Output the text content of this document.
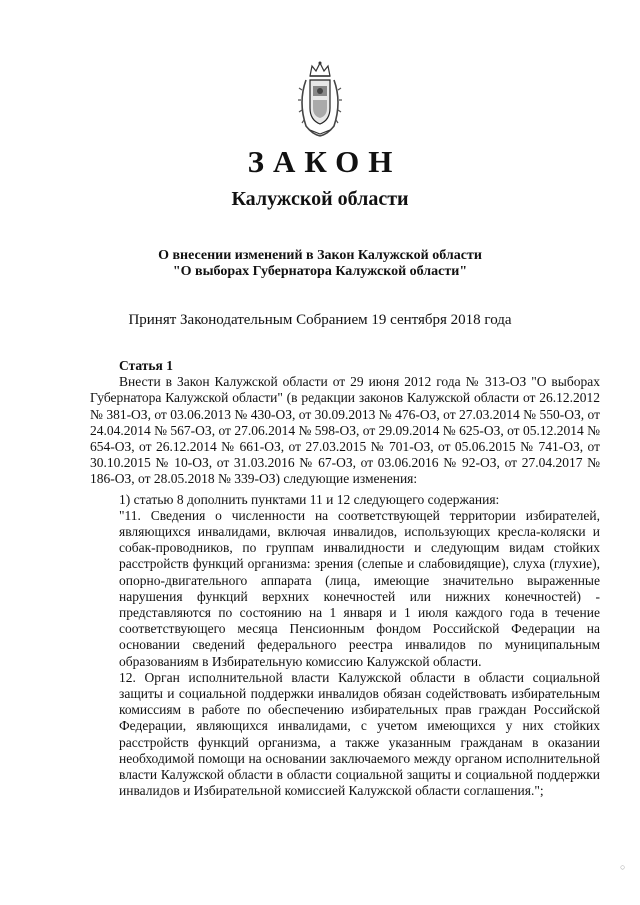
ЗАКОН
Калужской области
О внесении изменений в Закон Калужской области
"О выборах Губернатора Калужской области"
Принят Законодательным Собранием 19 сентября 2018 года

Статья 1

Внести в Закон Калужской области от 29 июня 2012 года № 313-ОЗ "О выборах Губернатора Калужской области" (в редакции законов Калужской области от 26.12.2012 № 381-ОЗ, от 03.06.2013 № 430-ОЗ, от 30.09.2013 № 476-ОЗ, от 27.03.2014 № 550-ОЗ, от 24.04.2014 № 567-ОЗ, от 27.06.2014 № 598-ОЗ, от 29.09.2014 № 625-ОЗ, от 05.12.2014 № 654-ОЗ, от 26.12.2014 № 661-ОЗ, от 27.03.2015 № 701-ОЗ, от 05.06.2015 № 741-ОЗ, от 30.10.2015 № 10-ОЗ, от 31.03.2016 № 67-ОЗ, от 03.06.2016 № 92-ОЗ, от 27.04.2017 № 186-ОЗ, от 28.05.2018 № 339-ОЗ) следующие изменения:

1) статью 8 дополнить пунктами 11 и 12 следующего содержания:

"11. Сведения о численности на соответствующей территории избирателей, являющихся инвалидами, включая инвалидов, использующих кресла-коляски и собак-проводников, по группам инвалидности и следующим видам стойких расстройств функций организма: зрения (слепые и слабовидящие), слуха (глухие), опорно-двигательного аппарата (лица, имеющие значительно выраженные нарушения функций верхних конечностей или нижних конечностей) - представляются по состоянию на 1 января и 1 июля каждого года в течение соответствующего месяца Пенсионным фондом Российской Федерации на основании сведений федерального реестра инвалидов по муниципальным образованиям в Избирательную комиссию Калужской области.

12. Орган исполнительной власти Калужской области в области социальной защиты и социальной поддержки инвалидов обязан содействовать избирательным комиссиям в работе по обеспечению избирательных прав граждан Российской Федерации, являющихся инвалидами, с учетом имеющихся у них стойких расстройств функций организма, а также указанным гражданам в оказании необходимой помощи на основании заключаемого между органом исполнительной власти Калужской области в области социальной защиты и социальной поддержки инвалидов и Избирательной комиссией Калужской области соглашения.";

○
